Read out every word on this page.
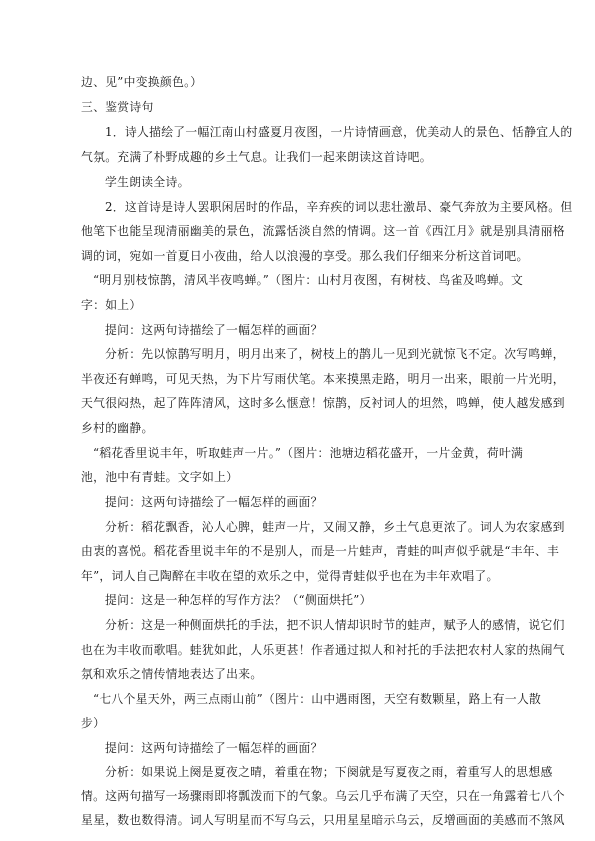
边、见”中变换颜色。）
三、鉴赏诗句
1．诗人描绘了一幅江南山村盛夏月夜图，一片诗情画意，优美动人的景色、恬静宜人的
气氛。充满了朴野成趣的乡土气息。让我们一起来朗读这首诗吧。
学生朗读全诗。
2．这首诗是诗人罢职闲居时的作品，辛弃疾的词以悲壮激昂、豪气奔放为主要风格。但
他笔下也能呈现清丽幽美的景色，流露恬淡自然的情调。这一首《西江月》就是别具清丽格
调的词，宛如一首夏日小夜曲，给人以浪漫的享受。那么我们仔细来分析这首词吧。
“明月别枝惊鹊，清风半夜鸣蝉。”（图片：山村月夜图，有树枝、鸟雀及鸣蝉。文
字：如上）
提问：这两句诗描绘了一幅怎样的画面？
分析：先以惊鹊写明月，明月出来了，树枝上的鹊儿一见到光就惊飞不定。次写鸣蝉，
半夜还有蝉鸣，可见天热，为下片写雨伏笔。本来摸黑走路，明月一出来，眼前一片光明，
天气很闷热，起了阵阵清风，这时多么惬意！惊鹊，反衬词人的坦然，鸣蝉，使人越发感到
乡村的幽静。
“稻花香里说丰年，听取蛙声一片。”（图片：池塘边稻花盛开，一片金黄，荷叶满
池，池中有青蛙。文字如上）
提问：这两句诗描绘了一幅怎样的画面？
分析：稻花飘香，沁人心脾，蛙声一片，又闹又静，乡土气息更浓了。词人为农家感到
由衷的喜悦。稻花香里说丰年的不是别人，而是一片蛙声，青蛙的叫声似乎就是“丰年、丰
年”，词人自己陶醉在丰收在望的欢乐之中，觉得青蛙似乎也在为丰年欢唱了。
提问：这是一种怎样的写作方法？（“侧面烘托”）
分析：这是一种侧面烘托的手法，把不识人情却识时节的蛙声，赋予人的感情，说它们
也在为丰收而歌唱。蛙犹如此，人乐更甚！作者通过拟人和衬托的手法把农村人家的热闹气
氛和欢乐之情传情地表达了出来。
“七八个星天外，两三点雨山前”（图片：山中遇雨图，天空有数颗星，路上有一人散
步）
提问：这两句诗描绘了一幅怎样的画面？
分析：如果说上阕是夏夜之晴，着重在物；下阕就是写夏夜之雨，着重写人的思想感
情。这两句描写一场骤雨即将瓢泼而下的气象。乌云几乎布满了天空，只在一角露着七八个
星星，数也数得清。词人写明星而不写乌云，只用星星暗示乌云，反增画面的美感而不煞风
